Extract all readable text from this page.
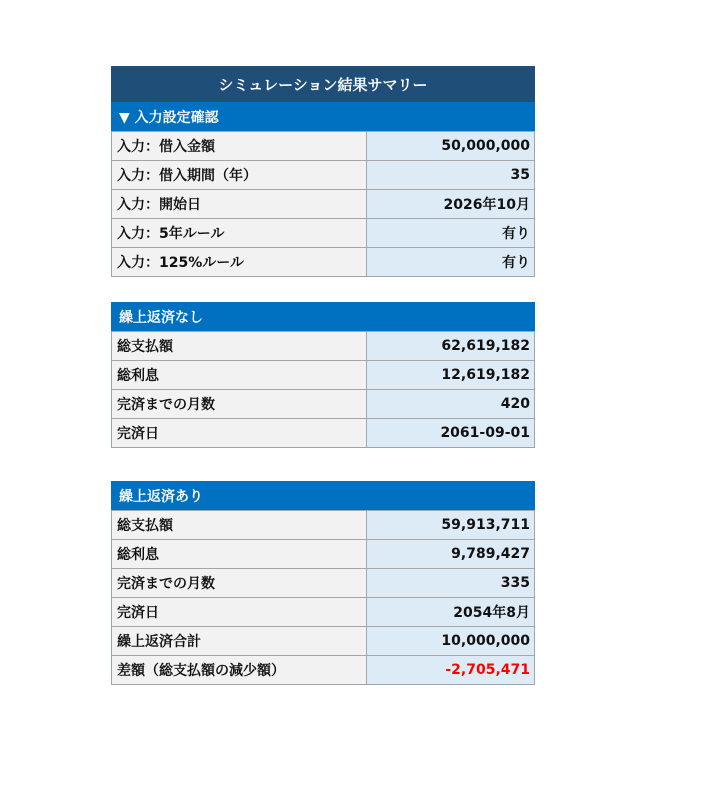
シミュレーション結果サマリー
▼ 入力設定確認
入力：借入金額	50,000,000
入力：借入期間（年）	35
入力：開始日	2026年10月
入力：5年ルール	有り
入力：125%ルール	有り
繰上返済なし
総支払額	62,619,182
総利息	12,619,182
完済までの月数	420
完済日	2061-09-01
繰上返済あり
総支払額	59,913,711
総利息	9,789,427
完済までの月数	335
完済日	2054年8月
繰上返済合計	10,000,000
差額（総支払額の減少額）	-2,705,471
